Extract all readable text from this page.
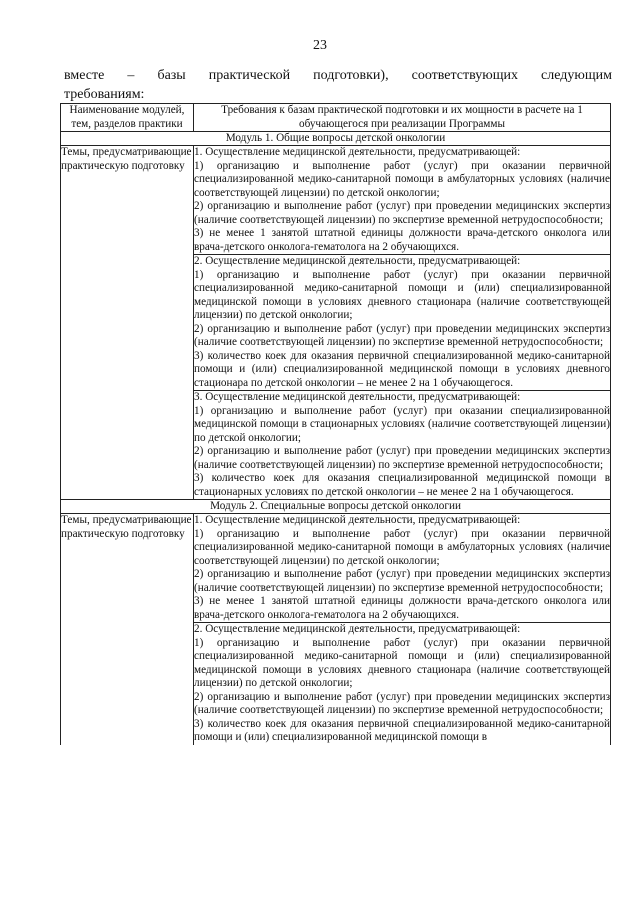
23
вместе – базы практической подготовки), соответствующих следующим
требованиям:
Наименование модулей, тем, разделов практики	Требования к базам практической подготовки и их мощности в расчете на 1 обучающегося при реализации Программы
Модуль 1. Общие вопросы детской онкологии	
Темы, предусматривающие практическую подготовку	1. Осуществление медицинской деятельности, предусматривающей:

1) организацию и выполнение работ (услуг) при оказании первичной специализированной медико-санитарной помощи в амбулаторных условиях (наличие соответствующей лицензии) по детской онкологии;

2) организацию и выполнение работ (услуг) при проведении медицинских экспертиз (наличие соответствующей лицензии) по экспертизе временной нетрудоспособности;

3) не менее 1 занятой штатной единицы должности врача-детского онколога или врача-детского онколога-гематолога на 2 обучающихся.

	2. Осуществление медицинской деятельности, предусматривающей:

1) организацию и выполнение работ (услуг) при оказании первичной специализированной медико-санитарной помощи и (или) специализированной медицинской помощи в условиях дневного стационара (наличие соответствующей лицензии) по детской онкологии;

2) организацию и выполнение работ (услуг) при проведении медицинских экспертиз (наличие соответствующей лицензии) по экспертизе временной нетрудоспособности;

3) количество коек для оказания первичной специализированной медико-санитарной помощи и (или) специализированной медицинской помощи в условиях дневного стационара по детской онкологии – не менее 2 на 1 обучающегося.

	3. Осуществление медицинской деятельности, предусматривающей:

1) организацию и выполнение работ (услуг) при оказании специализированной медицинской помощи в стационарных условиях (наличие соответствующей лицензии) по детской онкологии;

2) организацию и выполнение работ (услуг) при проведении медицинских экспертиз (наличие соответствующей лицензии) по экспертизе временной нетрудоспособности;

3) количество коек для оказания специализированной медицинской помощи в стационарных условиях по детской онкологии – не менее 2 на 1 обучающегося.

Модуль 2. Специальные вопросы детской онкологии	
Темы, предусматривающие практическую подготовку	1. Осуществление медицинской деятельности, предусматривающей:

1) организацию и выполнение работ (услуг) при оказании первичной специализированной медико-санитарной помощи в амбулаторных условиях (наличие соответствующей лицензии) по детской онкологии;

2) организацию и выполнение работ (услуг) при проведении медицинских экспертиз (наличие соответствующей лицензии) по экспертизе временной нетрудоспособности;

3) не менее 1 занятой штатной единицы должности врача-детского онколога или врача-детского онколога-гематолога на 2 обучающихся.

	2. Осуществление медицинской деятельности, предусматривающей:

1) организацию и выполнение работ (услуг) при оказании первичной специализированной медико-санитарной помощи и (или) специализированной медицинской помощи в условиях дневного стационара (наличие соответствующей лицензии) по детской онкологии;

2) организацию и выполнение работ (услуг) при проведении медицинских экспертиз (наличие соответствующей лицензии) по экспертизе временной нетрудоспособности;

3) количество коек для оказания первичной специализированной медико-санитарной помощи и (или) специализированной медицинской помощи в
